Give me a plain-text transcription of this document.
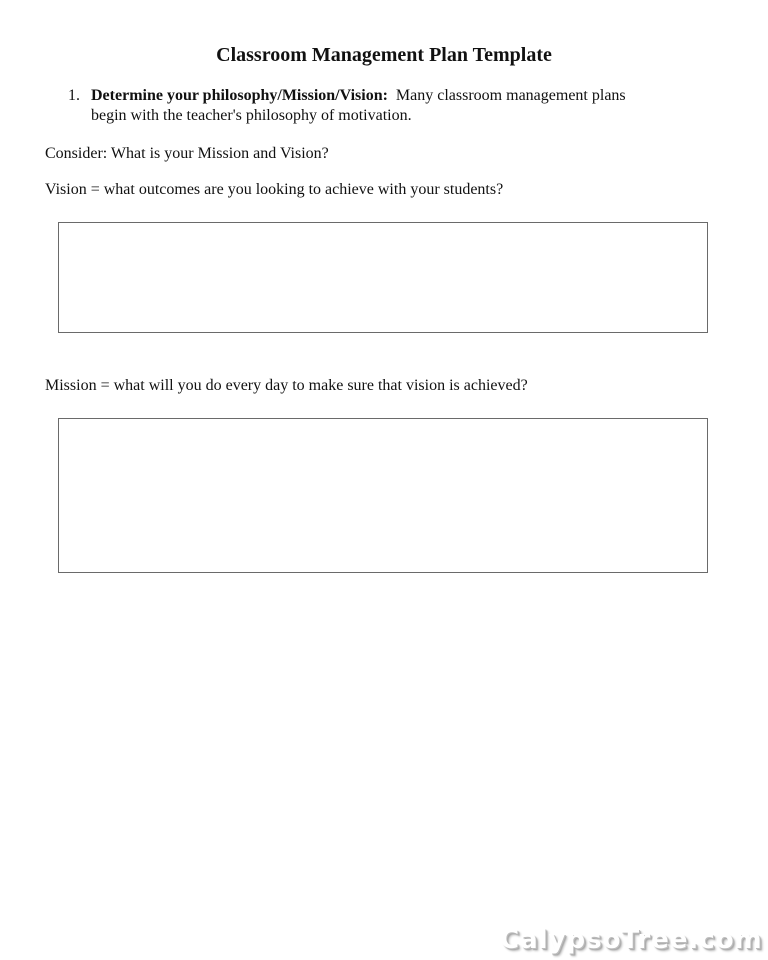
Classroom Management Plan Template
1. Determine your philosophy/Mission/Vision: Many classroom management plans
begin with the teacher's philosophy of motivation.
Consider: What is your Mission and Vision?
Vision = what outcomes are you looking to achieve with your students?
Mission = what will you do every day to make sure that vision is achieved?
CalypsoTree.com
